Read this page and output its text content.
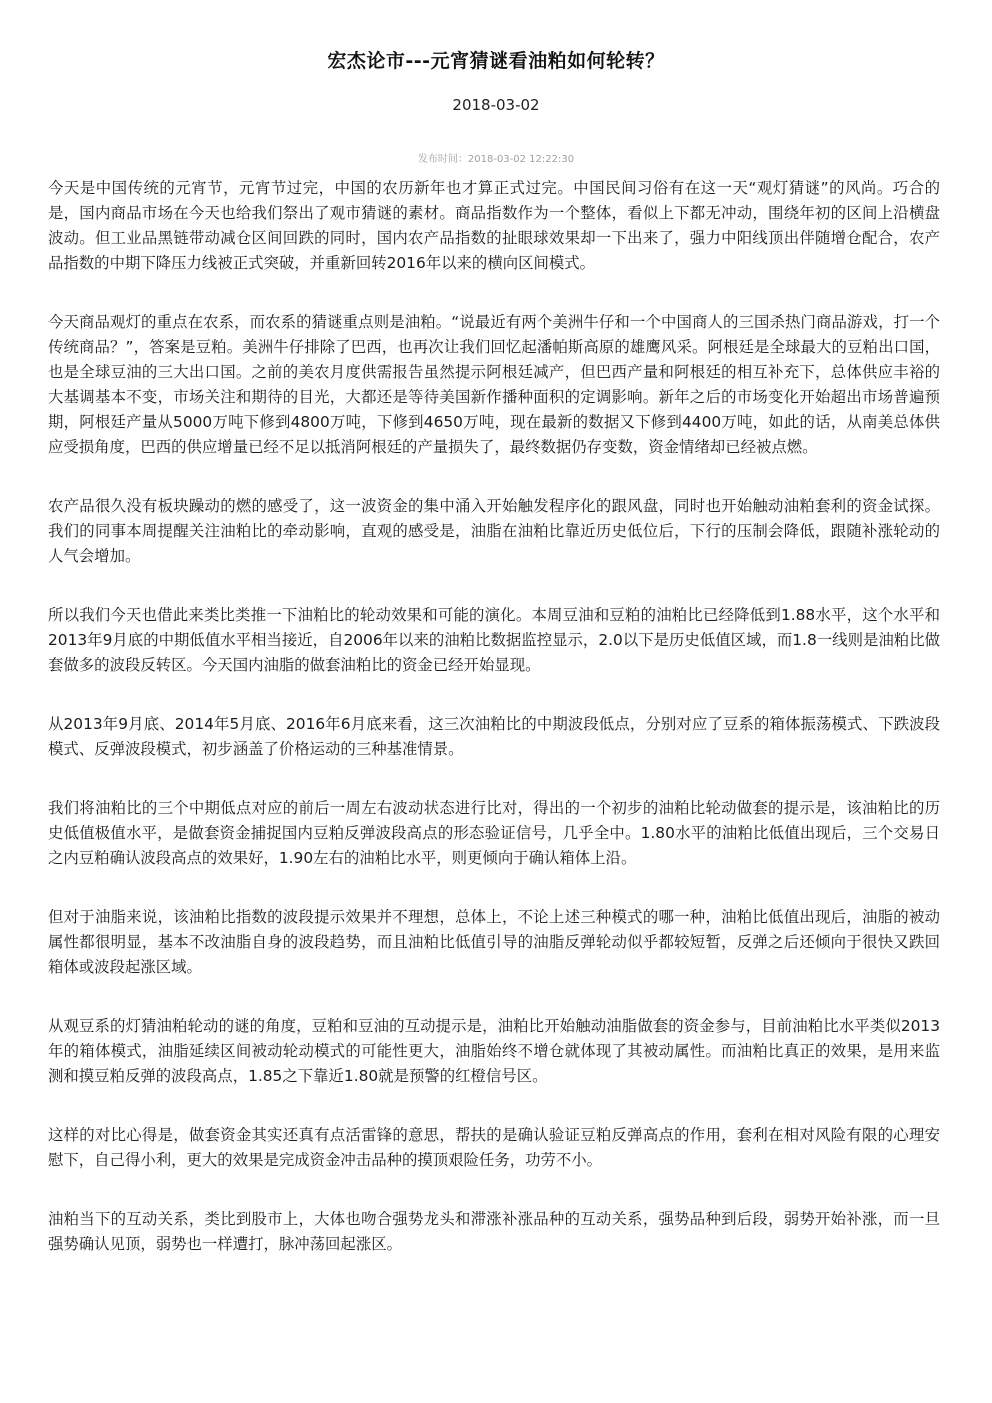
宏杰论市---元宵猜谜看油粕如何轮转？
2018-03-02
发布时间：2018-03-02 12:22:30

今天是中国传统的元宵节，元宵节过完，中国的农历新年也才算正式过完。中国民间习俗有在这一天“观灯猜谜”的风尚。巧合的是，国内商品市场在今天也给我们祭出了观市猜谜的素材。商品指数作为一个整体，看似上下都无冲动，围绕年初的区间上沿横盘波动。但工业品黑链带动减仓区间回跌的同时，国内农产品指数的扯眼球效果却一下出来了，强力中阳线顶出伴随增仓配合，农产品指数的中期下降压力线被正式突破，并重新回转2016年以来的横向区间模式。

今天商品观灯的重点在农系，而农系的猜谜重点则是油粕。“说最近有两个美洲牛仔和一个中国商人的三国杀热门商品游戏，打一个传统商品？”，答案是豆粕。美洲牛仔排除了巴西，也再次让我们回忆起潘帕斯高原的雄鹰风采。阿根廷是全球最大的豆粕出口国，也是全球豆油的三大出口国。之前的美农月度供需报告虽然提示阿根廷减产，但巴西产量和阿根廷的相互补充下，总体供应丰裕的大基调基本不变，市场关注和期待的目光，大都还是等待美国新作播种面积的定调影响。新年之后的市场变化开始超出市场普遍预期，阿根廷产量从5000万吨下修到4800万吨，下修到4650万吨，现在最新的数据又下修到4400万吨，如此的话，从南美总体供应受损角度，巴西的供应增量已经不足以抵消阿根廷的产量损失了，最终数据仍存变数，资金情绪却已经被点燃。

农产品很久没有板块躁动的燃的感受了，这一波资金的集中涌入开始触发程序化的跟风盘，同时也开始触动油粕套利的资金试探。我们的同事本周提醒关注油粕比的牵动影响，直观的感受是，油脂在油粕比靠近历史低位后，下行的压制会降低，跟随补涨轮动的人气会增加。

所以我们今天也借此来类比类推一下油粕比的轮动效果和可能的演化。本周豆油和豆粕的油粕比已经降低到1.88水平，这个水平和2013年9月底的中期低值水平相当接近，自2006年以来的油粕比数据监控显示，2.0以下是历史低值区域，而1.8一线则是油粕比做套做多的波段反转区。今天国内油脂的做套油粕比的资金已经开始显现。

从2013年9月底、2014年5月底、2016年6月底来看，这三次油粕比的中期波段低点，分别对应了豆系的箱体振荡模式、下跌波段模式、反弹波段模式，初步涵盖了价格运动的三种基准情景。

我们将油粕比的三个中期低点对应的前后一周左右波动状态进行比对，得出的一个初步的油粕比轮动做套的提示是，该油粕比的历史低值极值水平，是做套资金捕捉国内豆粕反弹波段高点的形态验证信号，几乎全中。1.80水平的油粕比低值出现后，三个交易日之内豆粕确认波段高点的效果好，1.90左右的油粕比水平，则更倾向于确认箱体上沿。

但对于油脂来说，该油粕比指数的波段提示效果并不理想，总体上，不论上述三种模式的哪一种，油粕比低值出现后，油脂的被动属性都很明显，基本不改油脂自身的波段趋势，而且油粕比低值引导的油脂反弹轮动似乎都较短暂，反弹之后还倾向于很快又跌回箱体或波段起涨区域。

从观豆系的灯猜油粕轮动的谜的角度，豆粕和豆油的互动提示是，油粕比开始触动油脂做套的资金参与，目前油粕比水平类似2013年的箱体模式，油脂延续区间被动轮动模式的可能性更大，油脂始终不增仓就体现了其被动属性。而油粕比真正的效果，是用来监测和摸豆粕反弹的波段高点，1.85之下靠近1.80就是预警的红橙信号区。

这样的对比心得是，做套资金其实还真有点活雷锋的意思，帮扶的是确认验证豆粕反弹高点的作用，套利在相对风险有限的心理安慰下，自己得小利，更大的效果是完成资金冲击品种的摸顶艰险任务，功劳不小。

油粕当下的互动关系，类比到股市上，大体也吻合强势龙头和滞涨补涨品种的互动关系，强势品种到后段，弱势开始补涨，而一旦强势确认见顶，弱势也一样遭打，脉冲荡回起涨区。
